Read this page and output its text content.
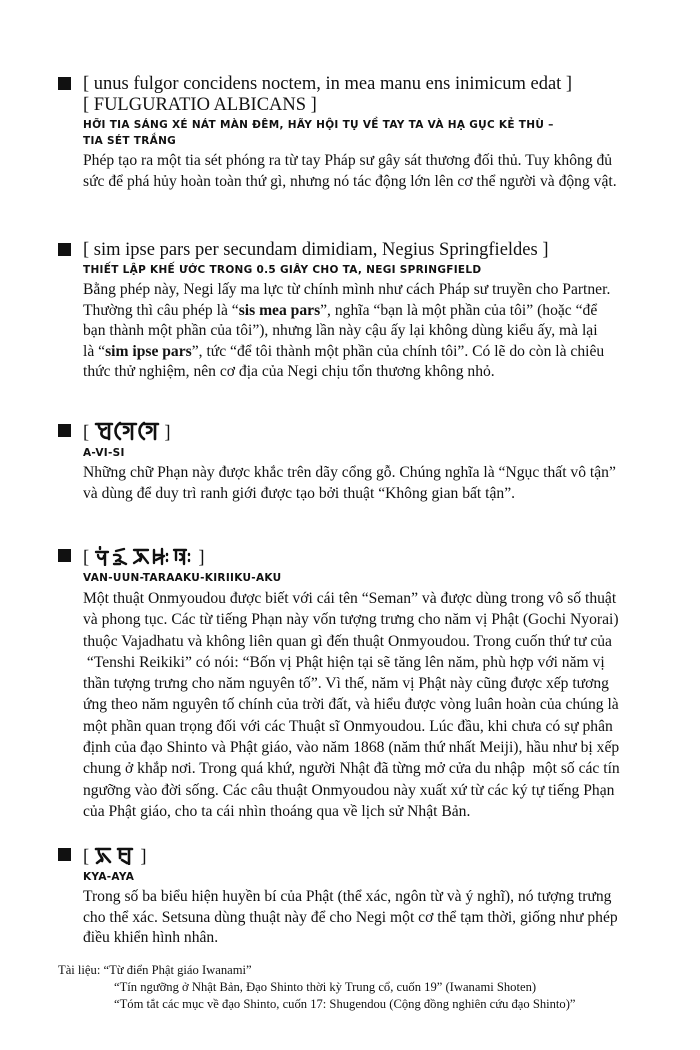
[ unus fulgor concidens noctem, in mea manu ens inimicum edat ]
[ FULGURATIO ALBICANS ]
HỠI TIA SÁNG XÉ NÁT MÀN ĐÊM, HÃY HỘI TỤ VỀ TAY TA VÀ HẠ GỤC KẺ THÙ –
TIA SÉT TRẮNG
Phép tạo ra một tia sét phóng ra từ tay Pháp sư gây sát thương đối thủ. Tuy không đủ
sức để phá hủy hoàn toàn thứ gì, nhưng nó tác động lớn lên cơ thể người và động vật.
[ sim ipse pars per secundam dimidiam, Negius Springfieldes ]
THIẾT LẬP KHẾ ƯỚC TRONG 0.5 GIÂY CHO TA, NEGI SPRINGFIELD
Bằng phép này, Negi lấy ma lực từ chính mình như cách Pháp sư truyền cho Partner.
Thường thì câu phép là “sis mea pars”, nghĩa “bạn là một phần của tôi” (hoặc “để
bạn thành một phần của tôi”), nhưng lần này cậu ấy lại không dùng kiểu ấy, mà lại
là “sim ipse pars”, tức “để tôi thành một phần của chính tôi”. Có lẽ do còn là chiêu
thức thử nghiệm, nên cơ địa của Negi chịu tổn thương không nhỏ.
[	]
A-VI-SI
Những chữ Phạn này được khắc trên dãy cổng gỗ. Chúng nghĩa là “Ngục thất vô tận”
và dùng để duy trì ranh giới được tạo bởi thuật “Không gian bất tận”.
[	]
VAN-UUN-TARAAKU-KIRIIKU-AKU
Một thuật Onmyoudou được biết với cái tên “Seman” và được dùng trong vô số thuật
và phong tục. Các từ tiếng Phạn này vốn tượng trưng cho năm vị Phật (Gochi Nyorai)
thuộc Vajadhatu và không liên quan gì đến thuật Onmyoudou. Trong cuốn thứ tư của
“Tenshi Reikiki” có nói: “Bốn vị Phật hiện tại sẽ tăng lên năm, phù hợp với năm vị
thần tượng trưng cho năm nguyên tố”. Vì thế, năm vị Phật này cũng được xếp tương
ứng theo năm nguyên tố chính của trời đất, và hiểu được vòng luân hoàn của chúng là
một phần quan trọng đối với các Thuật sĩ Onmyoudou. Lúc đầu, khi chưa có sự phân
định của đạo Shinto và Phật giáo, vào năm 1868 (năm thứ nhất Meiji), hầu như bị xếp
chung ở khắp nơi. Trong quá khứ, người Nhật đã từng mở cửa du nhập  một số các tín
ngưỡng vào đời sống. Các câu thuật Onmyoudou này xuất xứ từ các ký tự tiếng Phạn
của Phật giáo, cho ta cái nhìn thoáng qua về lịch sử Nhật Bản.
[	]
KYA-AYA
Trong số ba biểu hiện huyền bí của Phật (thể xác, ngôn từ và ý nghĩ), nó tượng trưng
cho thể xác. Setsuna dùng thuật này để cho Negi một cơ thể tạm thời, giống như phép
điều khiển hình nhân.
Tài liệu: “Từ điển Phật giáo Iwanami”
“Tín ngưỡng ở Nhật Bản, Đạo Shinto thời kỳ Trung cổ, cuốn 19” (Iwanami Shoten)
“Tóm tắt các mục về đạo Shinto, cuốn 17: Shugendou (Cộng đồng nghiên cứu đạo Shinto)”
